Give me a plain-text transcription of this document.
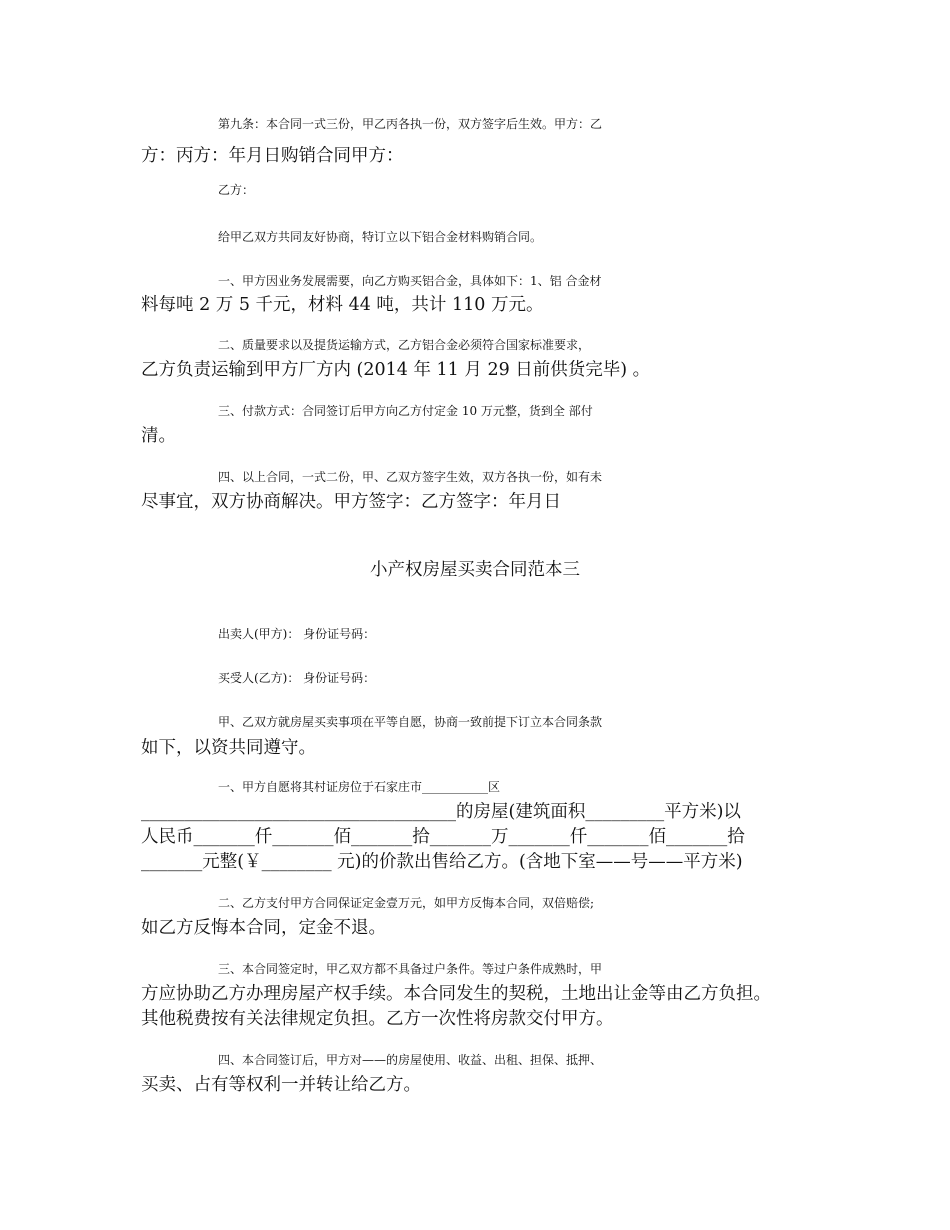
第九条：本合同一式三份，甲乙丙各执一份，双方签字后生效。甲方：乙

方：丙方：年月日购销合同甲方：

乙方：

给甲乙双方共同友好协商，特订立以下铝合金材料购销合同。

一、甲方因业务发展需要，向乙方购买铝合金，具体如下：1、铝 合金材

料每吨 2 万 5 千元，材料 44 吨，共计 110 万元。

二、质量要求以及提货运输方式，乙方铝合金必须符合国家标准要求，

乙方负责运输到甲方厂方内 (2014 年 11 月 29 日前供货完毕) 。

三、付款方式：合同签订后甲方向乙方付定金 10 万元整，货到全 部付

清。

四、以上合同，一式二份，甲、乙双方签字生效，双方各执一份，如有未

尽事宜，双方协商解决。甲方签字：乙方签字：年月日

小产权房屋买卖合同范本三

出卖人(甲方)： 身份证号码：

买受人(乙方)： 身份证号码：

甲、乙双方就房屋买卖事项在平等自愿，协商一致前提下订立本合同条款

如下，以资共同遵守。

一、甲方自愿将其村证房位于石家庄市___________区

____________________________________的房屋(建筑面积_________平方米)以

人民币_______仟_______佰_______拾_______万_______仟_______佰_______拾

_______元整(￥________ 元)的价款出售给乙方。(含地下室——号——平方米)

二、乙方支付甲方合同保证定金壹万元，如甲方反悔本合同，双倍赔偿;

如乙方反悔本合同，定金不退。

三、本合同签定时，甲乙双方都不具备过户条件。等过户条件成熟时，甲

方应协助乙方办理房屋产权手续。本合同发生的契税，土地出让金等由乙方负担。

其他税费按有关法律规定负担。乙方一次性将房款交付甲方。

四、本合同签订后，甲方对——的房屋使用、收益、出租、担保、抵押、

买卖、占有等权利一并转让给乙方。
